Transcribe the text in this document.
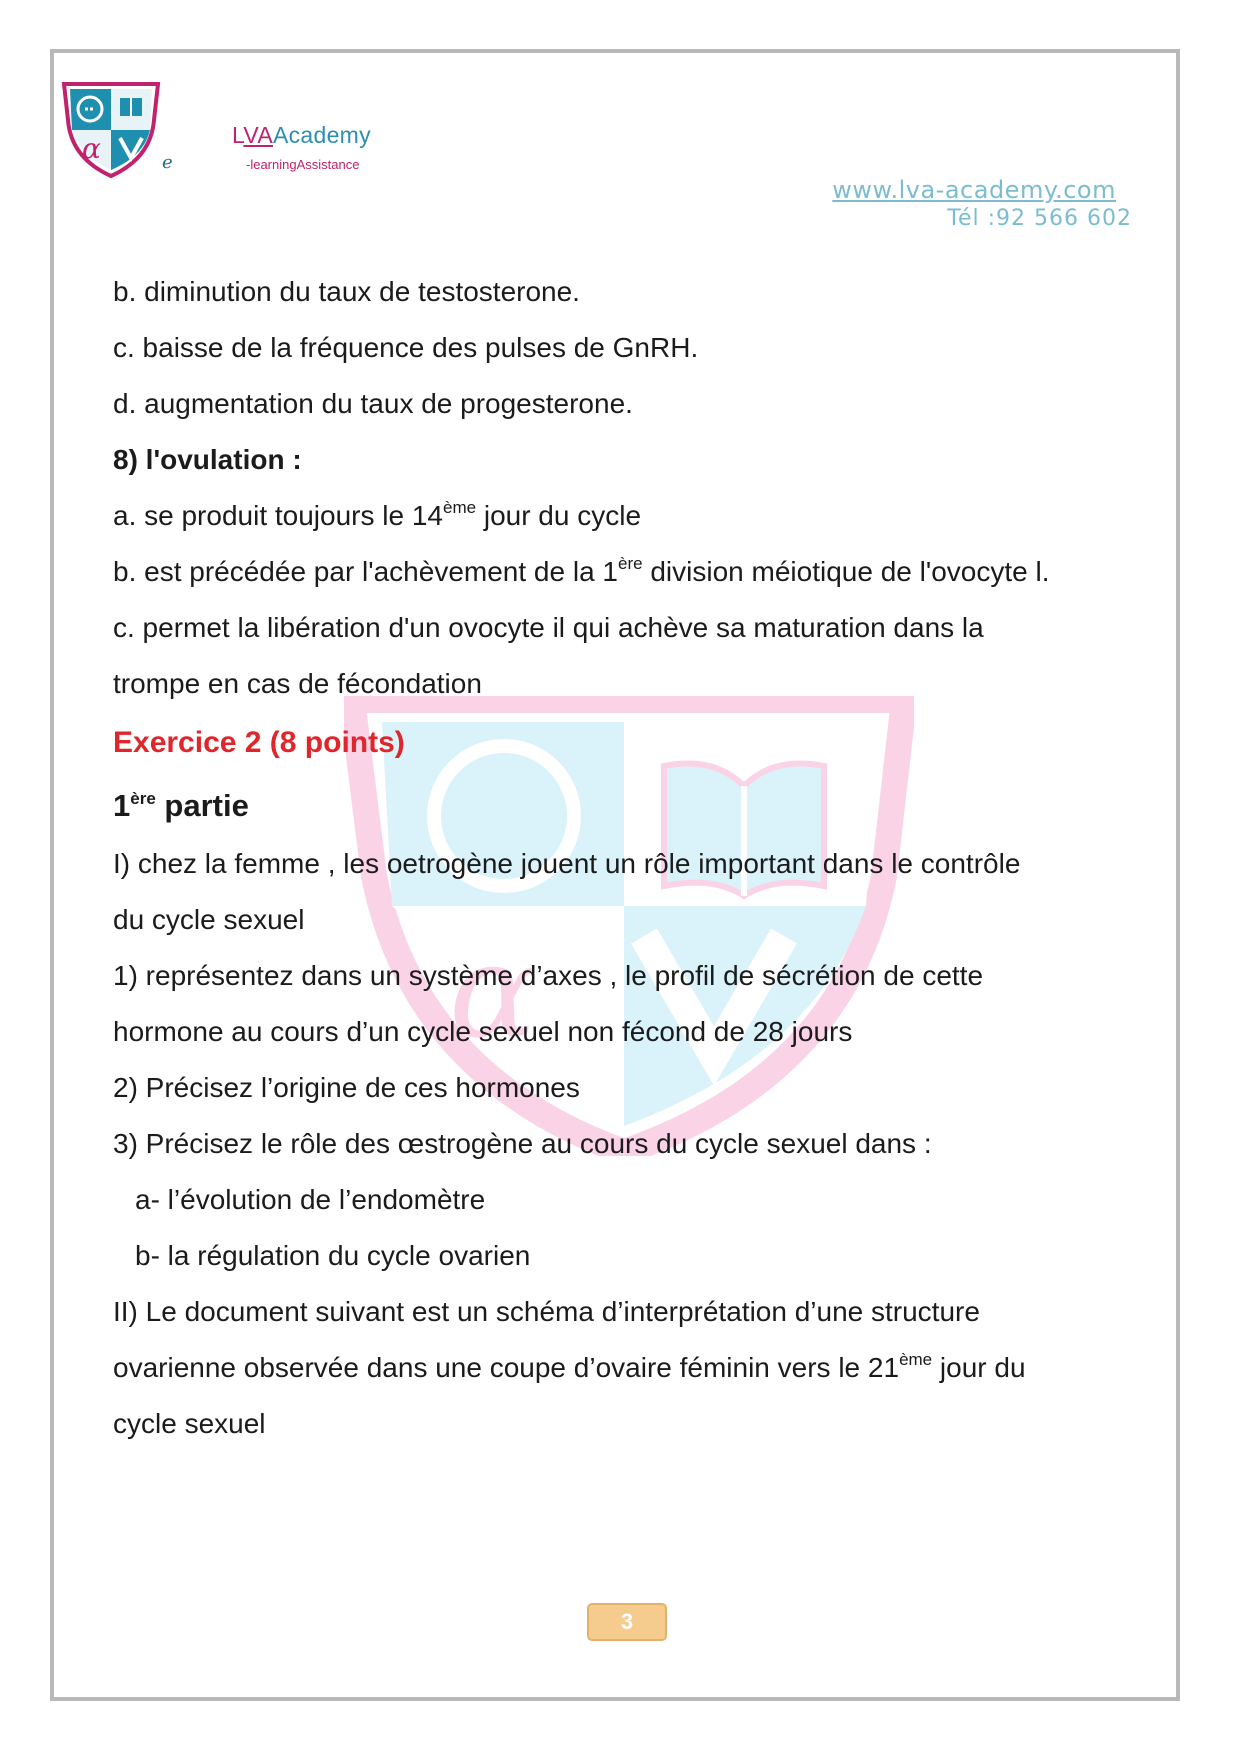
α	e
LVAAcademy
-learningAssistance
www.lva-academy.com
Tél :92 566 602
α
b. diminution du taux de testosterone.
c. baisse de la fréquence des pulses de GnRH.
d. augmentation du taux de progesterone.
8) l'ovulation :
a. se produit toujours le 14ème jour du cycle
b. est précédée par l'achèvement de la 1ère division méiotique de l'ovocyte l.
c. permet la libération d'un ovocyte il qui achève sa maturation dans la
trompe en cas de fécondation
Exercice 2 (8 points)
1ère partie
I) chez la femme , les oetrogène jouent un rôle important dans le contrôle
du cycle sexuel
1) représentez dans un système d’axes , le profil de sécrétion de cette
hormone au cours d’un cycle sexuel non fécond de 28 jours
2) Précisez l’origine de ces hormones
3) Précisez le rôle des œstrogène au cours du cycle sexuel dans :
a- l’évolution de l’endomètre
b- la régulation du cycle ovarien
II) Le document suivant est un schéma d’interprétation d’une structure
ovarienne observée dans une coupe d’ovaire féminin vers le 21ème jour du
cycle sexuel
3
